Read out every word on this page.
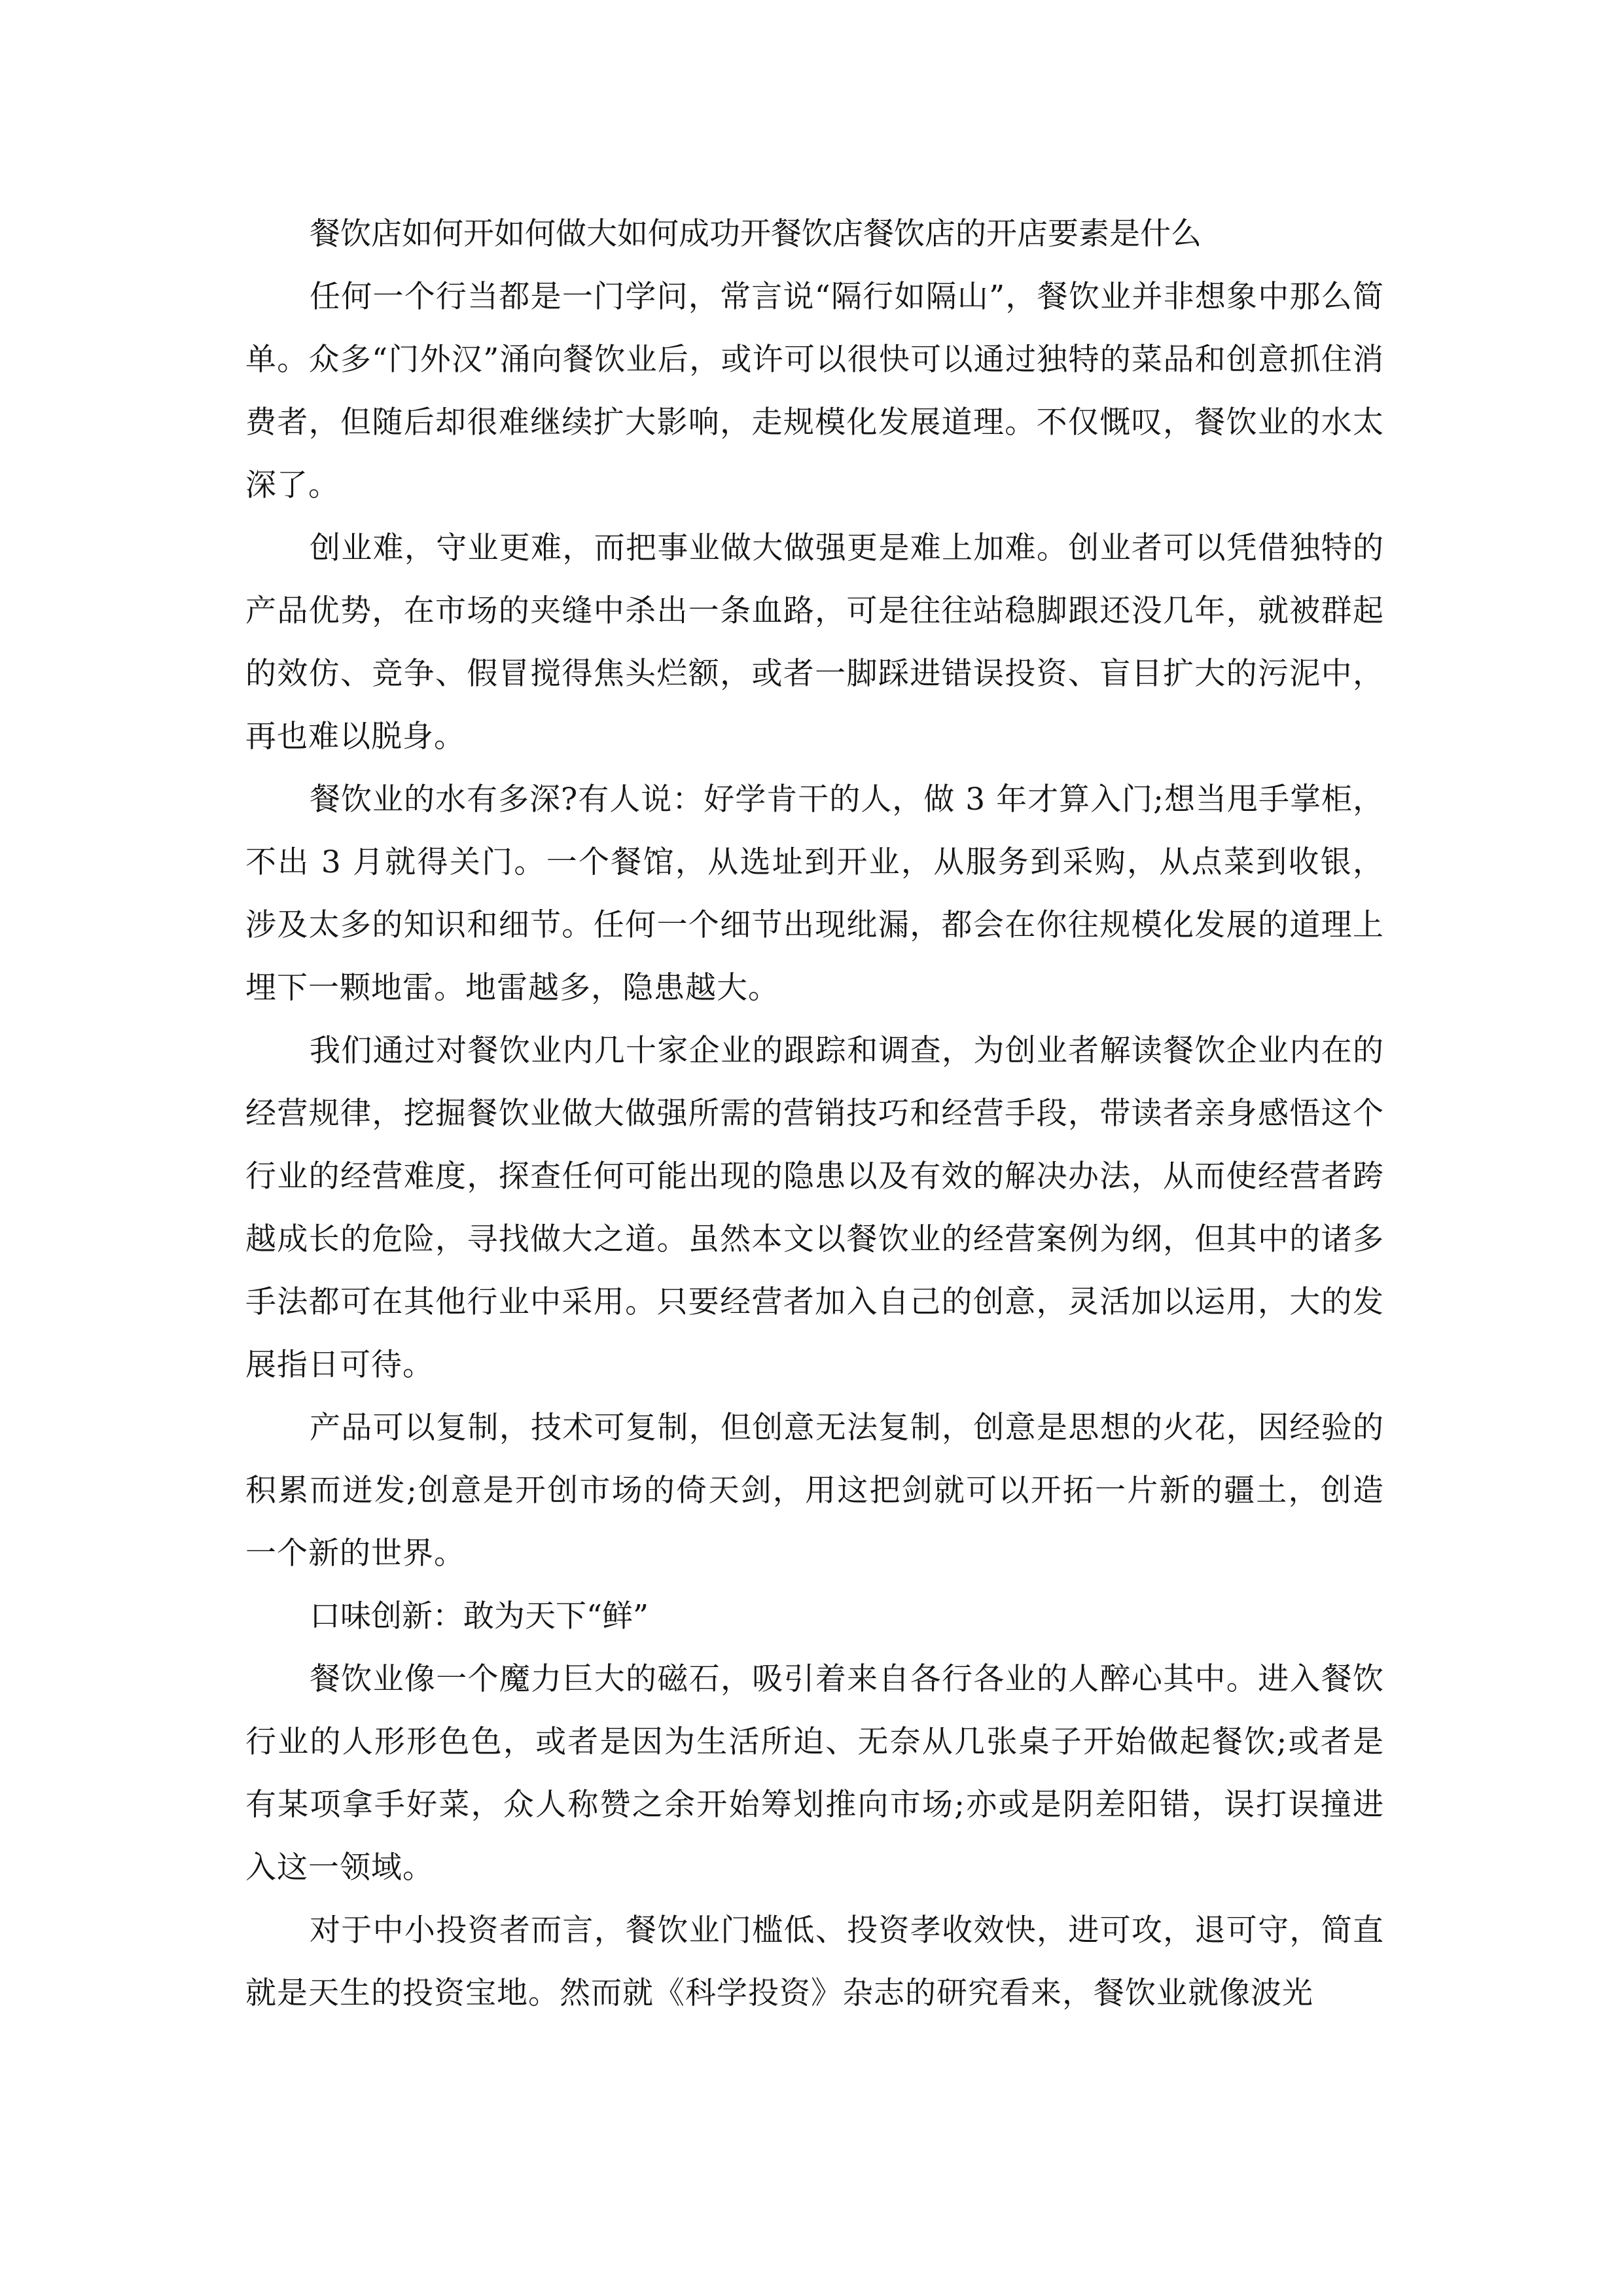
餐饮店如何开如何做大如何成功开餐饮店餐饮店的开店要素是什么

任何一个行当都是一门学问，常言说“隔行如隔山”，餐饮业并非想象中那么简单。众多“门外汉”涌向餐饮业后，或许可以很快可以通过独特的菜品和创意抓住消费者，但随后却很难继续扩大影响，走规模化发展道理。不仅慨叹，餐饮业的水太深了。

创业难，守业更难，而把事业做大做强更是难上加难。创业者可以凭借独特的产品优势，在市场的夹缝中杀出一条血路，可是往往站稳脚跟还没几年，就被群起的效仿、竞争、假冒搅得焦头烂额，或者一脚踩进错误投资、盲目扩大的污泥中，再也难以脱身。

餐饮业的水有多深?有人说：好学肯干的人，做 3 年才算入门;想当甩手掌柜，不出 3 月就得关门。一个餐馆，从选址到开业，从服务到采购，从点菜到收银，涉及太多的知识和细节。任何一个细节出现纰漏，都会在你往规模化发展的道理上埋下一颗地雷。地雷越多，隐患越大。

我们通过对餐饮业内几十家企业的跟踪和调查，为创业者解读餐饮企业内在的经营规律，挖掘餐饮业做大做强所需的营销技巧和经营手段，带读者亲身感悟这个行业的经营难度，探查任何可能出现的隐患以及有效的解决办法，从而使经营者跨越成长的危险，寻找做大之道。虽然本文以餐饮业的经营案例为纲，但其中的诸多手法都可在其他行业中采用。只要经营者加入自己的创意，灵活加以运用，大的发展指日可待。

产品可以复制，技术可复制，但创意无法复制，创意是思想的火花，因经验的积累而迸发;创意是开创市场的倚天剑，用这把剑就可以开拓一片新的疆土，创造一个新的世界。

口味创新：敢为天下“鲜”

餐饮业像一个魔力巨大的磁石，吸引着来自各行各业的人醉心其中。进入餐饮行业的人形形色色，或者是因为生活所迫、无奈从几张桌子开始做起餐饮;或者是有某项拿手好菜，众人称赞之余开始筹划推向市场;亦或是阴差阳错，误打误撞进入这一领域。

对于中小投资者而言，餐饮业门槛低、投资孝收效快，进可攻，退可守，简直就是天生的投资宝地。然而就《科学投资》杂志的研究看来，餐饮业就像波光
